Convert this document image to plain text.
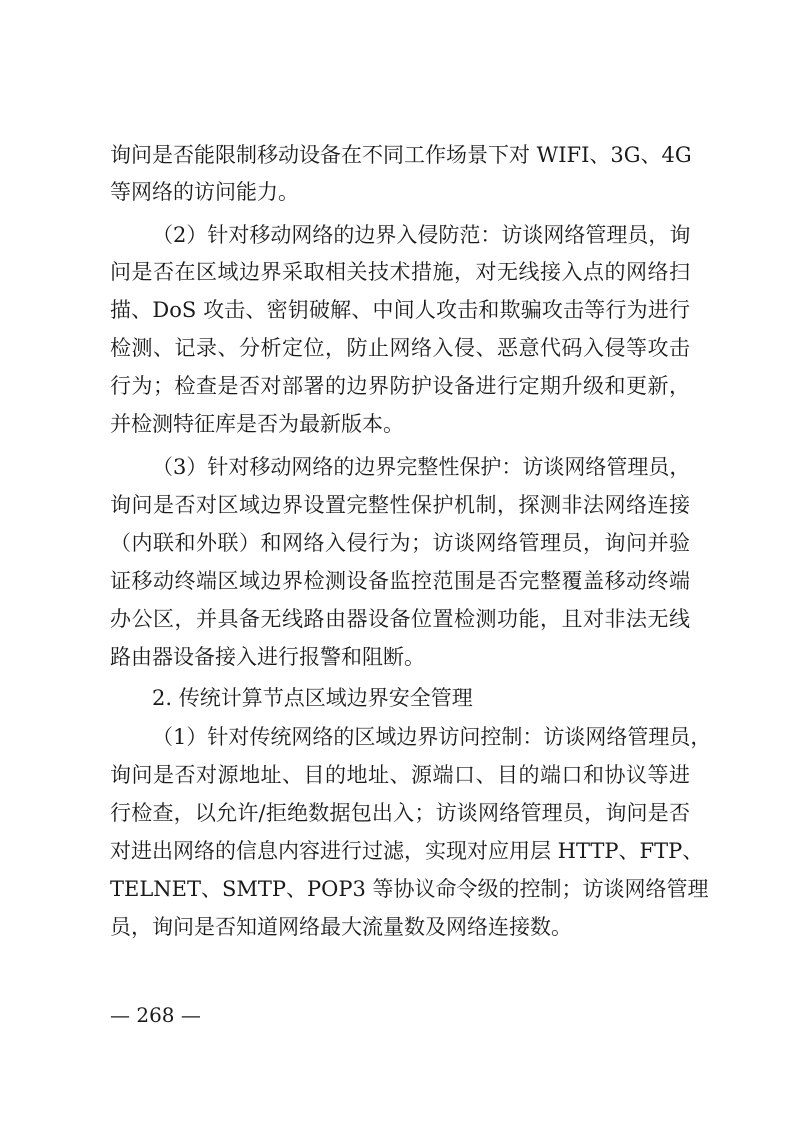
询问是否能限制移动设备在不同工作场景下对 WIFI、3G、4G
等网络的访问能力。
（2）针对移动网络的边界入侵防范：访谈网络管理员，询
问是否在区域边界采取相关技术措施，对无线接入点的网络扫
描、DoS 攻击、密钥破解、中间人攻击和欺骗攻击等行为进行
检测、记录、分析定位，防止网络入侵、恶意代码入侵等攻击
行为；检查是否对部署的边界防护设备进行定期升级和更新，
并检测特征库是否为最新版本。
（3）针对移动网络的边界完整性保护：访谈网络管理员，
询问是否对区域边界设置完整性保护机制，探测非法网络连接
（内联和外联）和网络入侵行为；访谈网络管理员，询问并验
证移动终端区域边界检测设备监控范围是否完整覆盖移动终端
办公区，并具备无线路由器设备位置检测功能，且对非法无线
路由器设备接入进行报警和阻断。
2. 传统计算节点区域边界安全管理
（1）针对传统网络的区域边界访问控制：访谈网络管理员，
询问是否对源地址、目的地址、源端口、目的端口和协议等进
行检查，以允许/拒绝数据包出入；访谈网络管理员，询问是否
对进出网络的信息内容进行过滤，实现对应用层 HTTP、FTP、
TELNET、SMTP、POP3 等协议命令级的控制；访谈网络管理
员，询问是否知道网络最大流量数及网络连接数。
— 268 —
